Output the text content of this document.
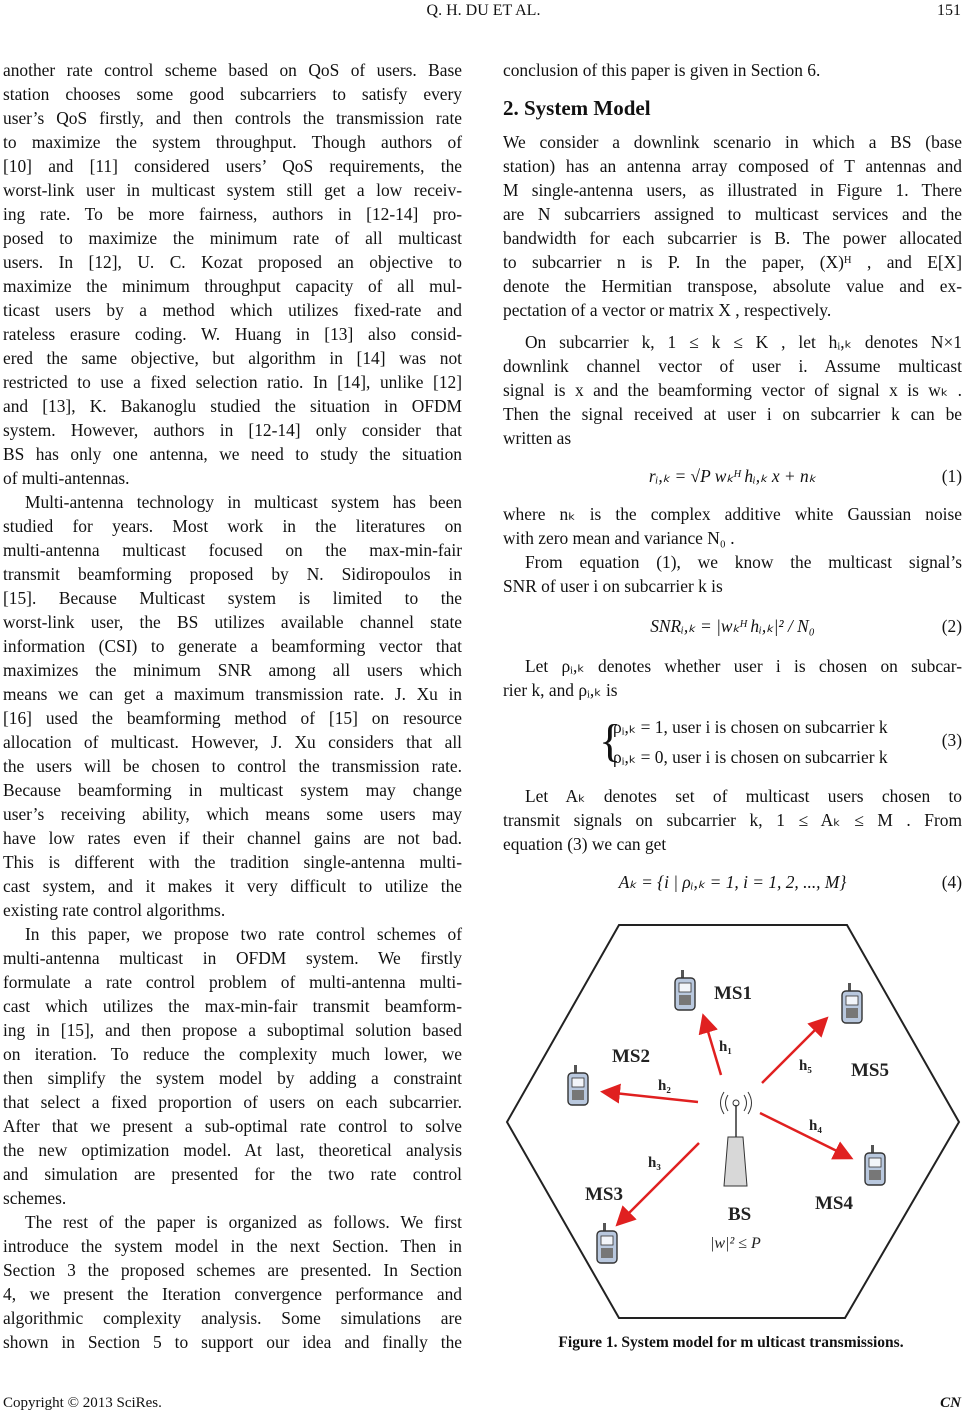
Q. H. DU ET AL.	151
another rate control scheme based on QoS of users. Base
station chooses some good subcarriers to satisfy every
user’s QoS firstly, and then controls the transmission rate
to maximize the system throughput. Though authors of
[10] and [11] considered users’ QoS requirements, the
worst-link user in multicast system still get a low receiv-
ing rate. To be more fairness, authors in [12-14] pro-
posed to maximize the minimum rate of all multicast
users. In [12], U. C. Kozat proposed an objective to
maximize the minimum throughput capacity of all mul-
ticast users by a method which utilizes fixed-rate and
rateless erasure coding. W. Huang in [13] also consid-
ered the same objective, but algorithm in [14] was not
restricted to use a fixed selection ratio. In [14], unlike [12]
and [13], K. Bakanoglu studied the situation in OFDM
system. However, authors in [12-14] only consider that
BS has only one antenna, we need to study the situation
of multi-antennas.
Multi-antenna technology in multicast system has been
studied for years. Most work in the literatures on
multi-antenna multicast focused on the max-min-fair
transmit beamforming proposed by N. Sidiropoulos in
[15]. Because Multicast system is limited to the
worst-link user, the BS utilizes available channel state
information (CSI) to generate a beamforming vector that
maximizes the minimum SNR among all users which
means we can get a maximum transmission rate. J. Xu in
[16] used the beamforming method of [15] on resource
allocation of multicast. However, J. Xu considers that all
the users will be chosen to control the transmission rate.
Because beamforming in multicast system may change
user’s receiving ability, which means some users may
have low rates even if their channel gains are not bad.
This is different with the tradition single-antenna multi-
cast system, and it makes it very difficult to utilize the
existing rate control algorithms.
In this paper, we propose two rate control schemes of
multi-antenna multicast in OFDM system. We firstly
formulate a rate control problem of multi-antenna multi-
cast which utilizes the max-min-fair transmit beamform-
ing in [15], and then propose a suboptimal solution based
on iteration. To reduce the complexity much lower, we
then simplify the system model by adding a constraint
that select a fixed proportion of users on each subcarrier.
After that we present a sub-optimal rate control to solve
the new optimization model. At last, theoretical analysis
and simulation are presented for the two rate control
schemes.
The rest of the paper is organized as follows. We first
introduce the system model in the next Section. Then in
Section 3 the proposed schemes are presented. In Section
4, we present the Iteration convergence performance and
algorithmic complexity analysis. Some simulations are
shown in Section 5 to support our idea and finally the
conclusion of this paper is given in Section 6.
2. System Model
We consider a downlink scenario in which a BS (base
station) has an antenna array composed of T antennas and
M single-antenna users, as illustrated in Figure 1. There
are N subcarriers assigned to multicast services and the
bandwidth for each subcarrier is B. The power allocated
to subcarrier n is P. In the paper, (X)ᴴ , and E[X]
denote the Hermitian transpose, absolute value and ex-
pectation of a vector or matrix X , respectively.
On subcarrier k, 1 ≤ k ≤ K , let hᵢ,ₖ denotes N×1
downlink channel vector of user i. Assume multicast
signal is x and the beamforming vector of signal x is wₖ .
Then the signal received at user i on subcarrier k can be
written as
rᵢ,ₖ = √P wₖᴴ hᵢ,ₖ x + nₖ	(1)
where nₖ is the complex additive white Gaussian noise
with zero mean and variance N₀ .
From equation (1), we know the multicast signal’s
SNR of user i on subcarrier k is
SNRᵢ,ₖ = |wₖᴴ hᵢ,ₖ|² / N₀	(2)
Let ρᵢ,ₖ denotes whether user i is chosen on subcar-
rier k, and ρᵢ,ₖ is
{
ρᵢ,ₖ = 1, user i is chosen on subcarrier k
ρᵢ,ₖ = 0, user i is chosen on subcarrier k
(3)
Let Aₖ denotes set of multicast users chosen to
transmit signals on subcarrier k, 1 ≤ Aₖ ≤ M . From
equation (3) we can get
Aₖ = {i | ρᵢ,ₖ = 1, i = 1, 2, ..., M}	(4)
MS1
MS2
MS5
MS3	MS4
BS
h₁
h₂
h₃
h₄
h₅
|w|² ≤ P
Figure 1. System model for m ulticast transmissions.
Copyright © 2013 SciRes.	CN
